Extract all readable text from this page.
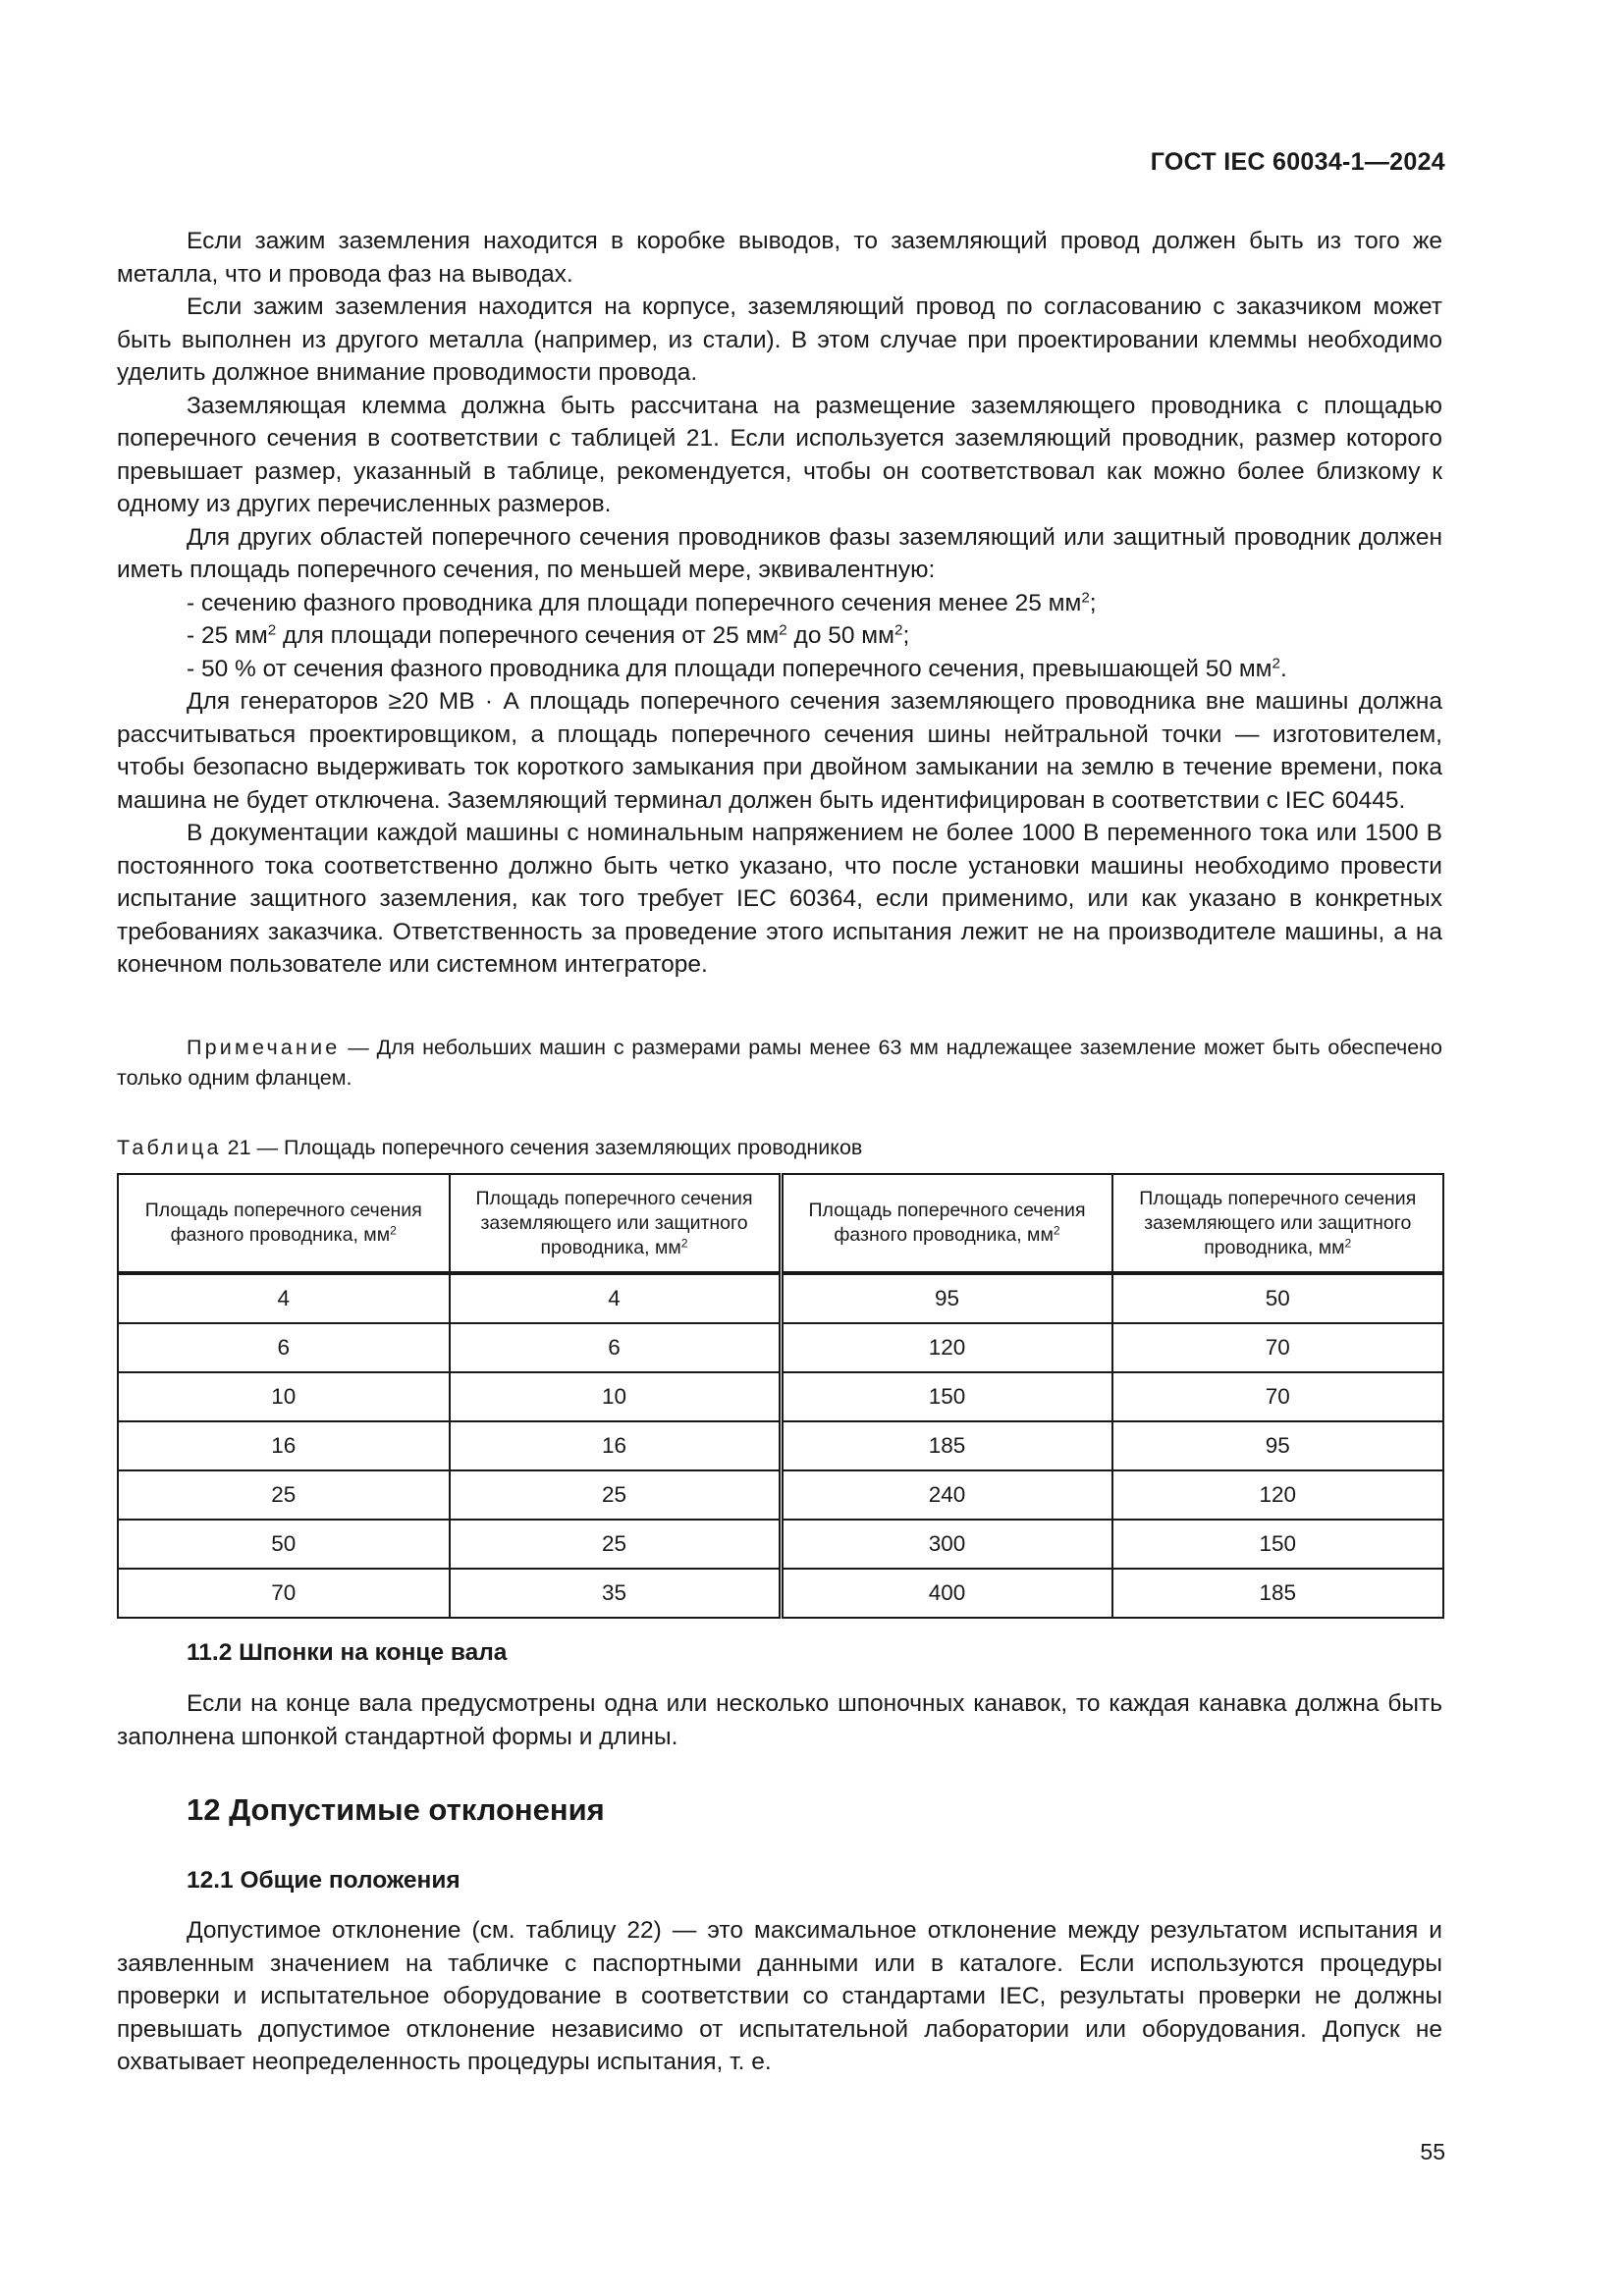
ГОСТ IEC 60034-1—2024

Если зажим заземления находится в коробке выводов, то заземляющий провод должен быть из того же металла, что и провода фаз на выводах.

Если зажим заземления находится на корпусе, заземляющий провод по согласованию с заказчиком может быть выполнен из другого металла (например, из стали). В этом случае при проектировании клеммы необходимо уделить должное внимание проводимости провода.

Заземляющая клемма должна быть рассчитана на размещение заземляющего проводника с площадью поперечного сечения в соответствии с таблицей 21. Если используется заземляющий проводник, размер которого превышает размер, указанный в таблице, рекомендуется, чтобы он соответствовал как можно более близкому к одному из других перечисленных размеров.

Для других областей поперечного сечения проводников фазы заземляющий или защитный проводник должен иметь площадь поперечного сечения, по меньшей мере, эквивалентную:

- сечению фазного проводника для площади поперечного сечения менее 25 $мм^2$;

- 25 $мм^2$ для площади поперечного сечения от 25 $мм^2$ до 50 $мм^2$;

- 50 % от сечения фазного проводника для площади поперечного сечения, превышающей 50 $мм^2$.

Для генераторов ≥20 МВ · А площадь поперечного сечения заземляющего проводника вне машины должна рассчитываться проектировщиком, а площадь поперечного сечения шины нейтральной точки — изготовителем, чтобы безопасно выдерживать ток короткого замыкания при двойном замыкании на землю в течение времени, пока машина не будет отключена. Заземляющий терминал должен быть идентифицирован в соответствии с IEC 60445.

В документации каждой машины с номинальным напряжением не более 1000 В переменного тока или 1500 В постоянного тока соответственно должно быть четко указано, что после установки машины необходимо провести испытание защитного заземления, как того требует IEC 60364, если применимо, или как указано в конкретных требованиях заказчика. Ответственность за проведение этого испытания лежит не на производителе машины, а на конечном пользователе или системном интеграторе.

Примечание — Для небольших машин с размерами рамы менее 63 мм надлежащее заземление может быть обеспечено только одним фланцем.
Таблица 21 — Площадь поперечного сечения заземляющих проводников
Площадь поперечного сечения фазного проводника, $мм^2$	Площадь поперечного сечения заземляющего или защитного проводника, $мм^2$	Площадь поперечного сечения фазного проводника, $мм^2$	Площадь поперечного сечения заземляющего или защитного проводника, $мм^2$
4	4	95	50
6	6	120	70
10	10	150	70
16	16	185	95
25	25	240	120
50	25	300	150
70	35	400	185
11.2 Шпонки на конце вала

Если на конце вала предусмотрены одна или несколько шпоночных канавок, то каждая канавка должна быть заполнена шпонкой стандартной формы и длины.

12 Допустимые отклонения
12.1 Общие положения

Допустимое отклонение (см. таблицу 22) — это максимальное отклонение между результатом испытания и заявленным значением на табличке с паспортными данными или в каталоге. Если используются процедуры проверки и испытательное оборудование в соответствии со стандартами IEC, результаты проверки не должны превышать допустимое отклонение независимо от испытательной лаборатории или оборудования. Допуск не охватывает неопределенность процедуры испытания, т. е.

55
